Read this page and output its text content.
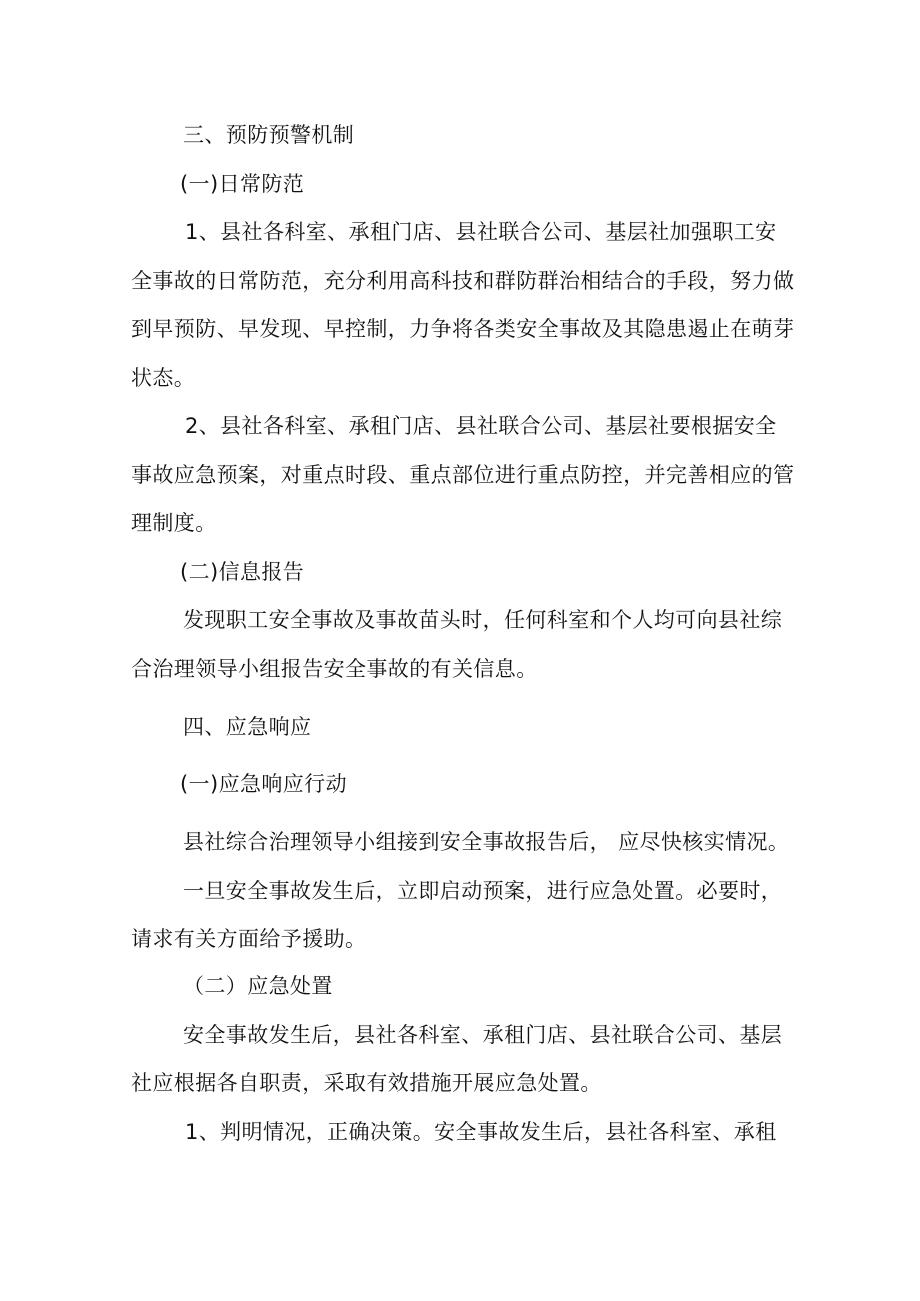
三、预防预警机制
(一)日常防范
1、县社各科室、承租门店、县社联合公司、基层社加强职工安
全事故的日常防范，充分利用高科技和群防群治相结合的手段，努力做
到早预防、早发现、早控制，力争将各类安全事故及其隐患遏止在萌芽
状态。
2、县社各科室、承租门店、县社联合公司、基层社要根据安全
事故应急预案，对重点时段、重点部位进行重点防控，并完善相应的管
理制度。
(二)信息报告
发现职工安全事故及事故苗头时，任何科室和个人均可向县社综
合治理领导小组报告安全事故的有关信息。
四、应急响应
(一)应急响应行动
县社综合治理领导小组接到安全事故报告后， 应尽快核实情况。
一旦安全事故发生后，立即启动预案，进行应急处置。必要时，
请求有关方面给予援助。
（二）应急处置
安全事故发生后，县社各科室、承租门店、县社联合公司、基层
社应根据各自职责，采取有效措施开展应急处置。
1、判明情况，正确决策。安全事故发生后，县社各科室、承租
